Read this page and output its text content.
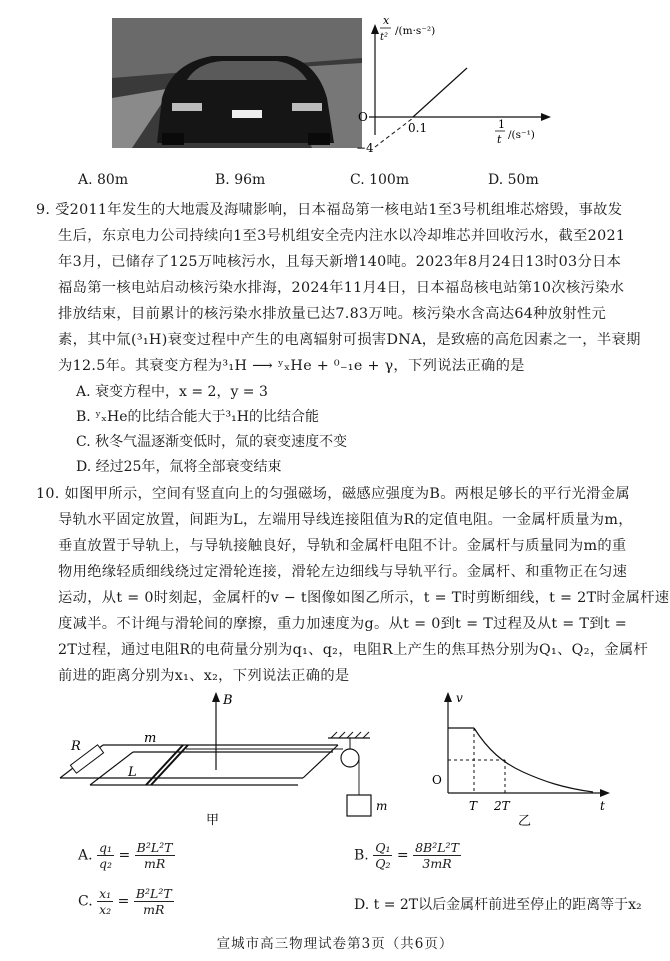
x
t²
/(m·s⁻²)
O
0.1
−4
1
t /(s⁻¹)
A. 80m	B. 96m	C. 100m	D. 50m
9. 受2011年发生的大地震及海啸影响，日本福岛第一核电站1至3号机组堆芯熔毁，事故发
生后，东京电力公司持续向1至3号机组安全壳内注水以冷却堆芯并回收污水，截至2021
年3月，已储存了125万吨核污水，且每天新增140吨。2023年8月24日13时03分日本
福岛第一核电站启动核污染水排海，2024年11月4日，日本福岛核电站第10次核污染水
排放结束，目前累计的核污染水排放量已达7.83万吨。核污染水含高达64种放射性元
素，其中氚(³₁H)衰变过程中产生的电离辐射可损害DNA，是致癌的高危因素之一，半衰期
为12.5年。其衰变方程为³₁H ⟶ ʸₓHe + ⁰₋₁e + γ，下列说法正确的是
A. 衰变方程中，x = 2，y = 3
B. ʸₓHe的比结合能大于³₁H的比结合能
C. 秋冬气温逐渐变低时，氚的衰变速度不变
D. 经过25年，氚将全部衰变结束
10. 如图甲所示，空间有竖直向上的匀强磁场，磁感应强度为B。两根足够长的平行光滑金属
导轨水平固定放置，间距为L，左端用导线连接阻值为R的定值电阻。一金属杆质量为m，
垂直放置于导轨上，与导轨接触良好，导轨和金属杆电阻不计。金属杆与质量同为m的重
物用绝缘轻质细线绕过定滑轮连接，滑轮左边细线与导轨平行。金属杆、和重物正在匀速
运动，从t = 0时刻起，金属杆的v − t图像如图乙所示，t = T时剪断细线，t = 2T时金属杆速
度减半。不计绳与滑轮间的摩擦，重力加速度为g。从t = 0到t = T过程及从t = T到t =
2T过程，通过电阻R的电荷量分别为q₁、q₂，电阻R上产生的焦耳热分别为Q₁、Q₂，金属杆
前进的距离分别为x₁、x₂，下列说法正确的是
B
R
m
L
m
甲
v
O
T 2T	t
乙
A. $\frac{\text{q₁}}{\text{q₂}} = \frac{\text{B²L²T}}{mR}$	B. $\frac{\text{Q₁}}{\text{Q₂}} = \frac{\text{8B²L²T}}{3mR}$
C. $\frac{\text{x₁}}{\text{x₂}} = \frac{\text{B²L²T}}{mR}$	D. t = 2T以后金属杆前进至停止的距离等于x₂
宣城市高三物理试卷第3页（共6页）
